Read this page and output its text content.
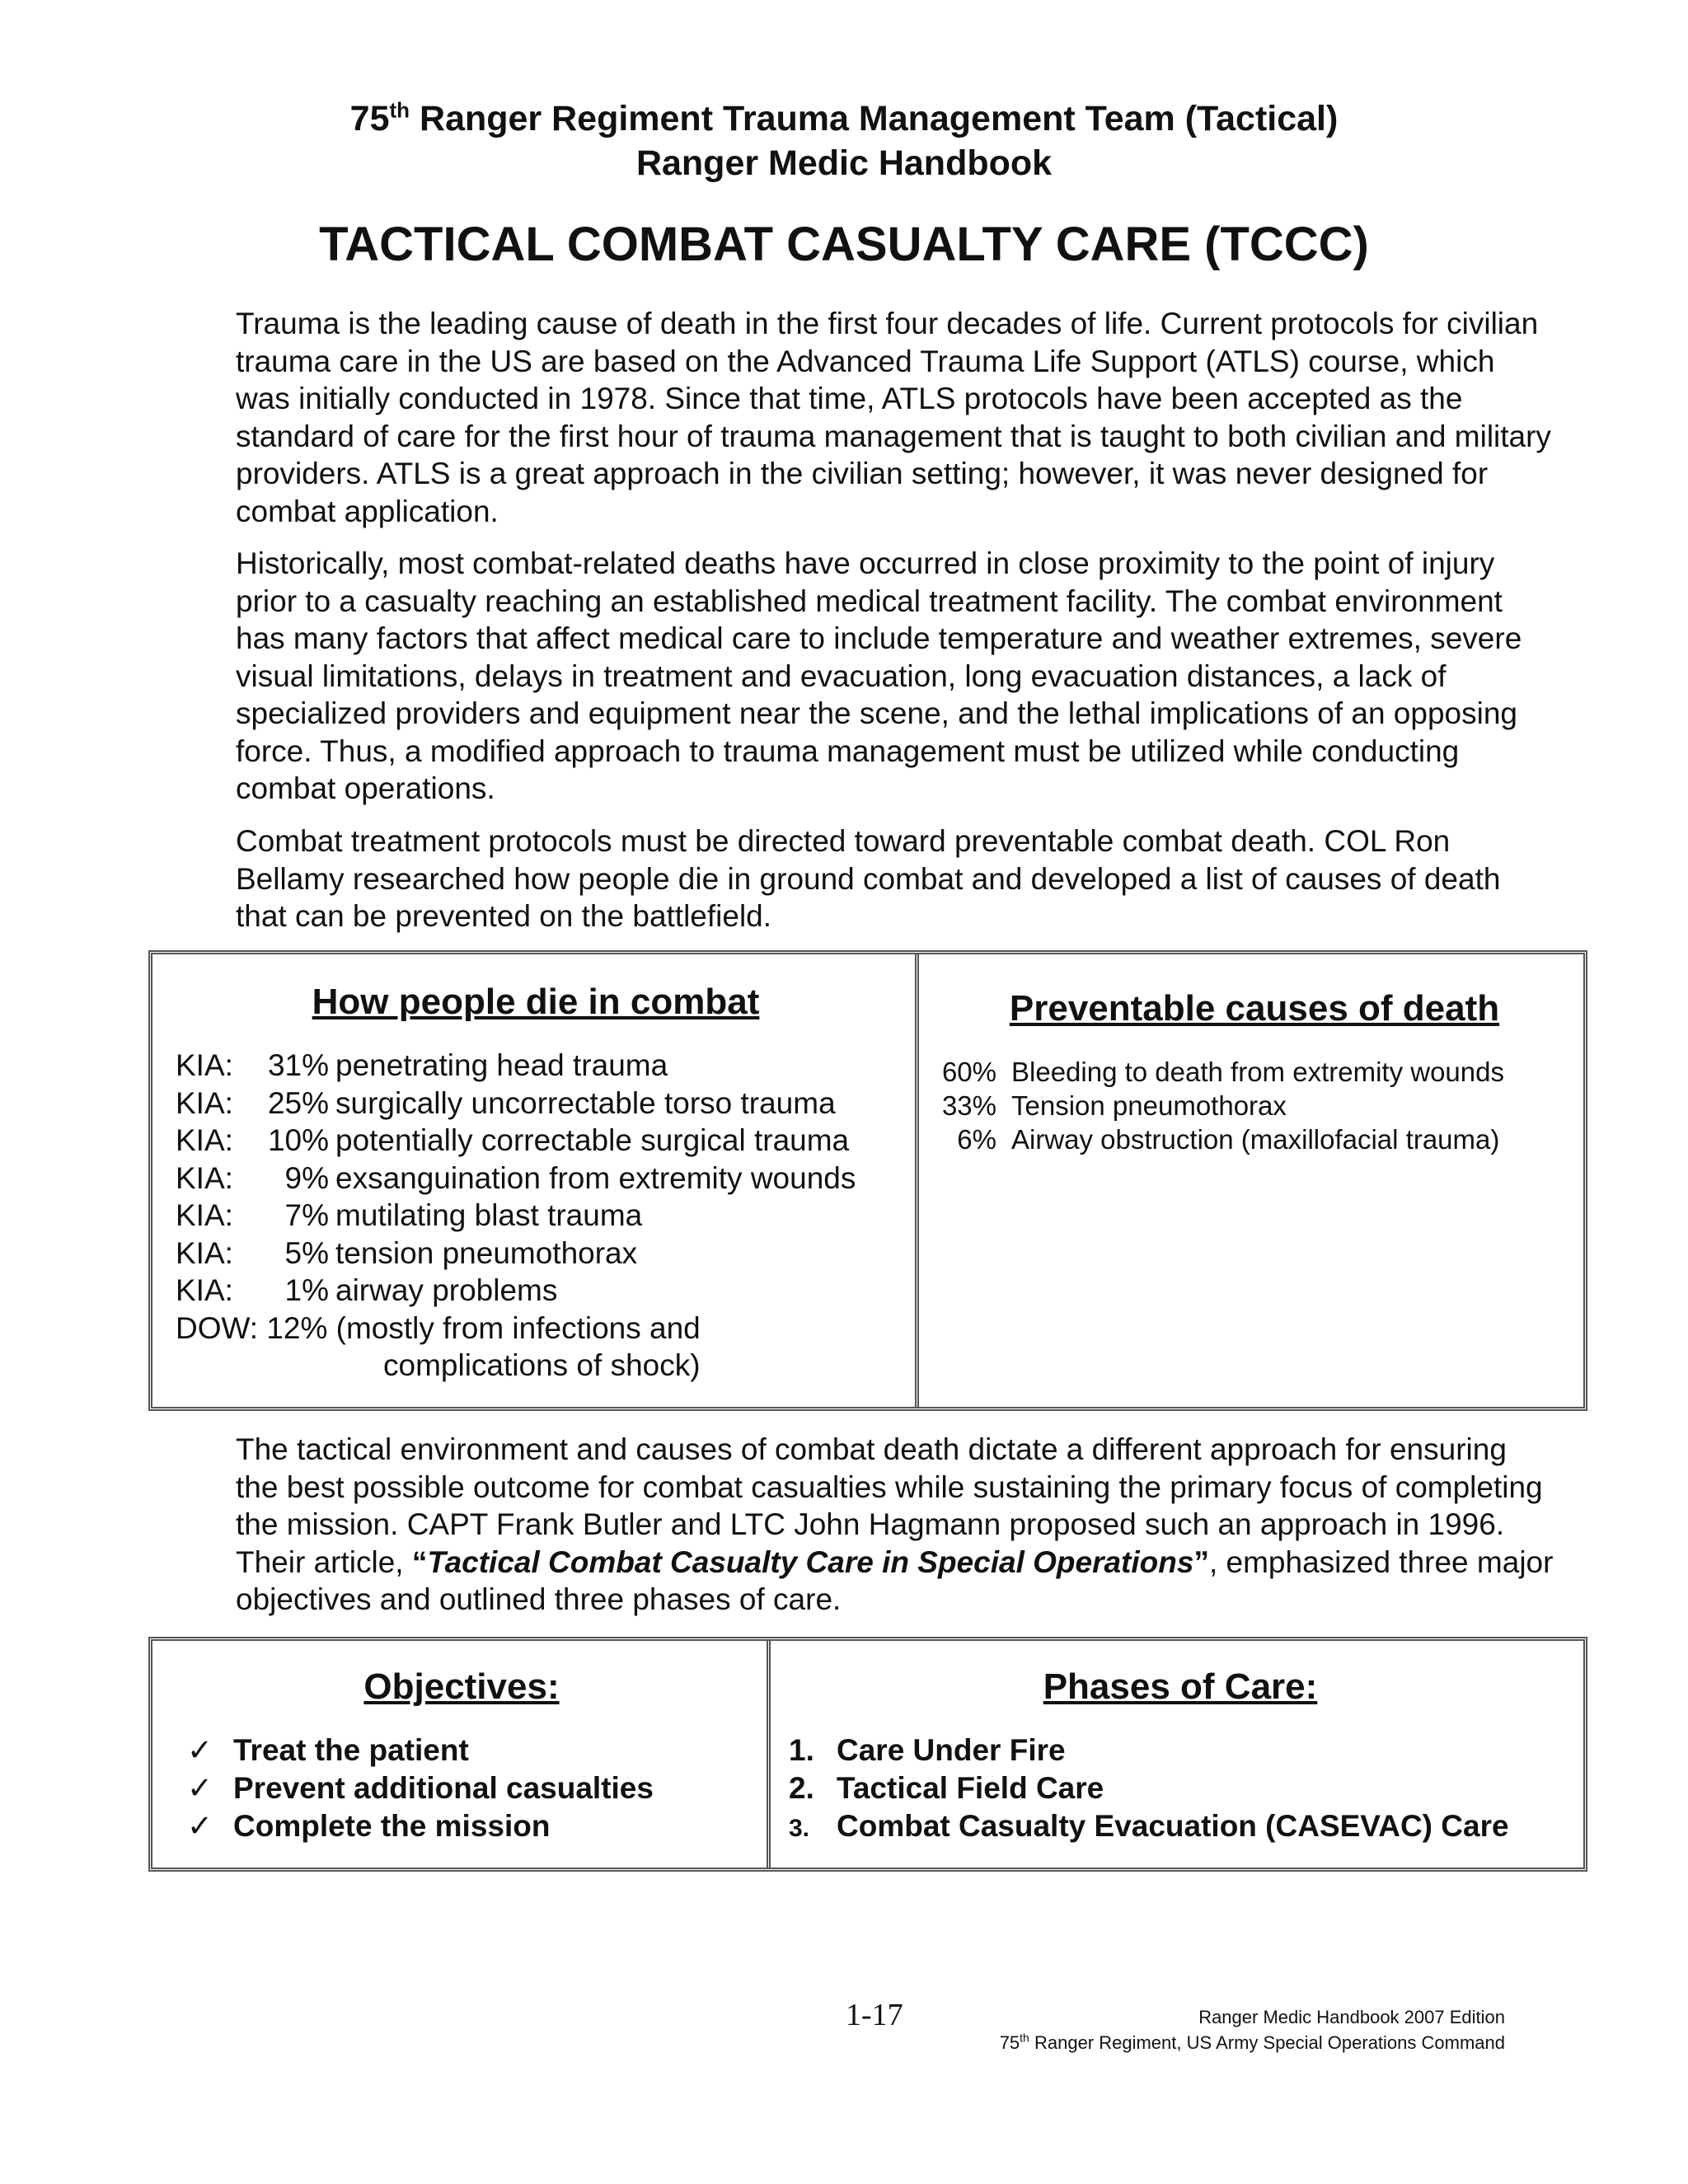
75th Ranger Regiment Trauma Management Team (Tactical)
Ranger Medic Handbook
TACTICAL COMBAT CASUALTY CARE (TCCC)

Trauma is the leading cause of death in the first four decades of life. Current protocols for civilian trauma care in the US are based on the Advanced Trauma Life Support (ATLS) course, which was initially conducted in 1978. Since that time, ATLS protocols have been accepted as the standard of care for the first hour of trauma management that is taught to both civilian and military providers. ATLS is a great approach in the civilian setting; however, it was never designed for combat application.

Historically, most combat-related deaths have occurred in close proximity to the point of injury prior to a casualty reaching an established medical treatment facility. The combat environment has many factors that affect medical care to include temperature and weather extremes, severe visual limitations, delays in treatment and evacuation, long evacuation distances, a lack of specialized providers and equipment near the scene, and the lethal implications of an opposing force. Thus, a modified approach to trauma management must be utilized while conducting combat operations.

Combat treatment protocols must be directed toward preventable combat death. COL Ron Bellamy researched how people die in ground combat and developed a list of causes of death that can be prevented on the battlefield.

How people die in combat
KIA: 31% penetrating head trauma
KIA: 25% surgically uncorrectable torso trauma
KIA: 10% potentially correctable surgical trauma
KIA: 9% exsanguination from extremity wounds
KIA: 7% mutilating blast trauma
KIA: 5% tension pneumothorax
KIA: 1% airway problems
DOW: 12% (mostly from infections and
complications of shock)
Preventable causes of death
60% Bleeding to death from extremity wounds
33% Tension pneumothorax
6% Airway obstruction (maxillofacial trauma)

The tactical environment and causes of combat death dictate a different approach for ensuring the best possible outcome for combat casualties while sustaining the primary focus of completing the mission. CAPT Frank Butler and LTC John Hagmann proposed such an approach in 1996. Their article, “Tactical Combat Casualty Care in Special Operations”, emphasized three major objectives and outlined three phases of care.

Objectives:
✓ Treat the patient
✓ Prevent additional casualties
✓ Complete the mission
Phases of Care:
1. Care Under Fire
2. Tactical Field Care
3. Combat Casualty Evacuation (CASEVAC) Care
1-17	Ranger Medic Handbook 2007 Edition
75th Ranger Regiment, US Army Special Operations Command
